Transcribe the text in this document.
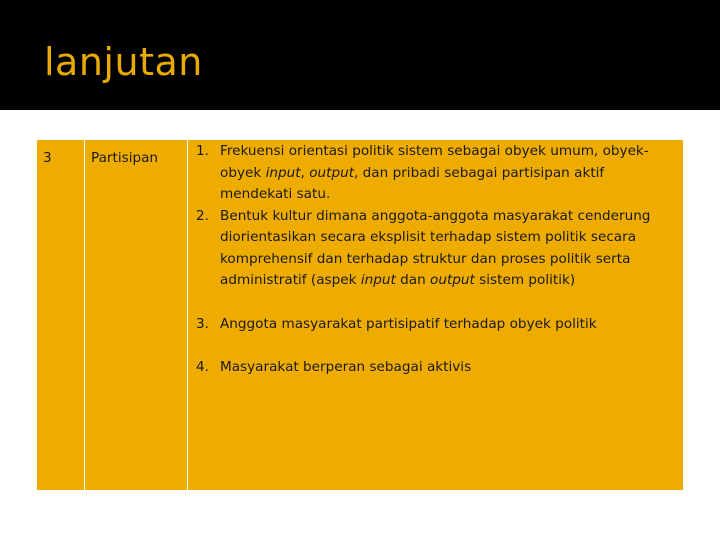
lanjutan
3	Partisipan	1. Frekuensi orientasi politik sistem sebagai obyek umum, obyek-obyek input, output, dan pribadi sebagai partisipan aktif mendekati satu.
2. Bentuk kultur dimana anggota-anggota masyarakat cenderung diorientasikan secara eksplisit terhadap sistem politik secara komprehensif dan terhadap struktur dan proses politik serta administratif (aspek input dan output sistem politik)
3. Anggota masyarakat partisipatif terhadap obyek politik
4. Masyarakat berperan sebagai aktivis
